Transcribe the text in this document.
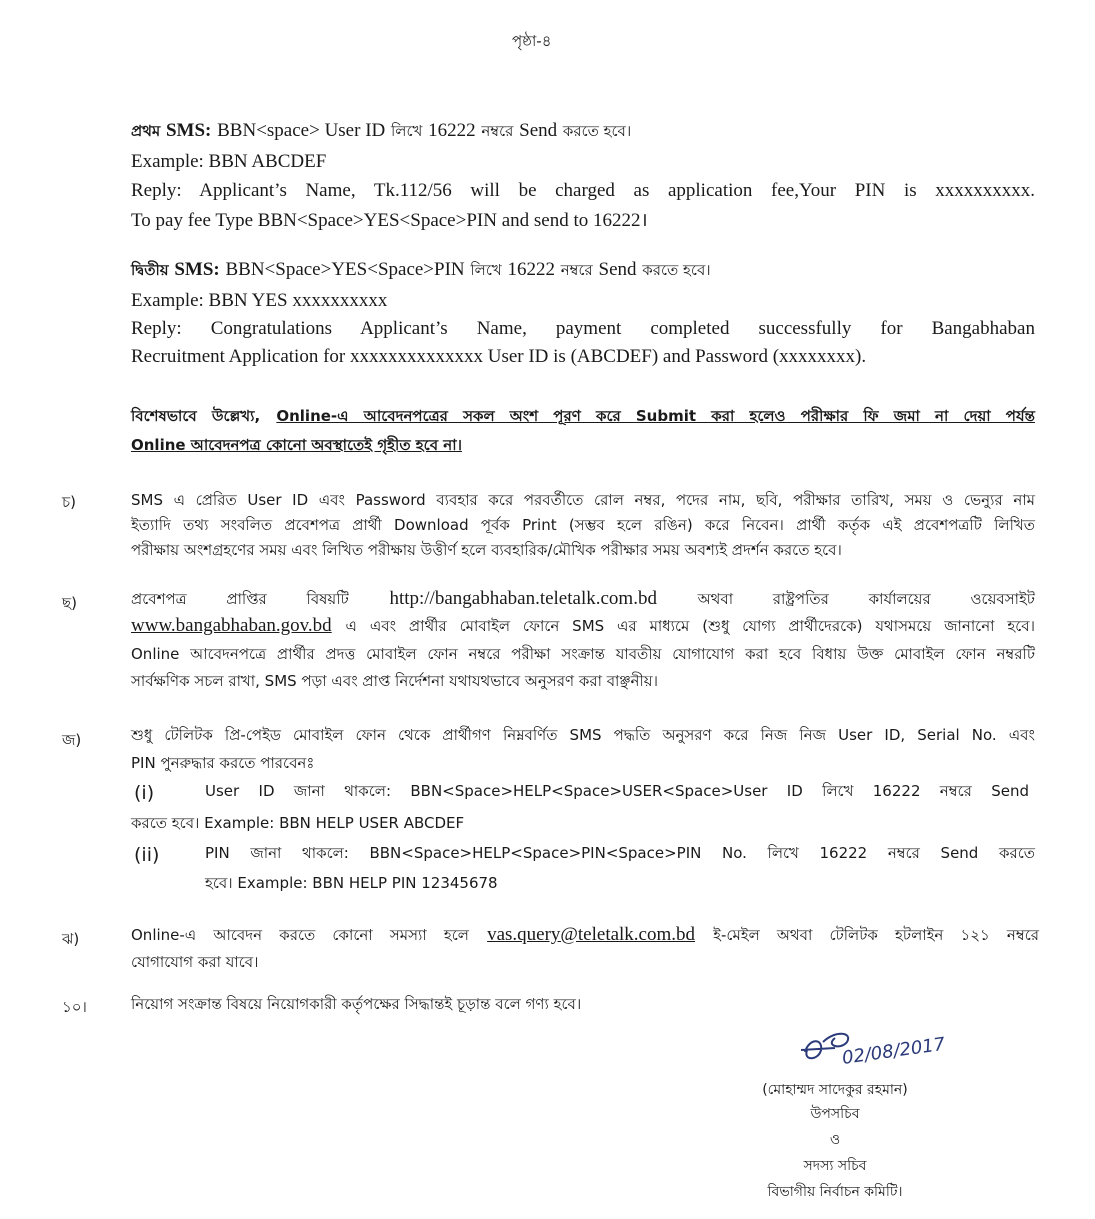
পৃষ্ঠা-৪
প্রথম SMS: BBN<space> User ID লিখে 16222 নম্বরে Send করতে হবে।
Example: BBN ABCDEF
Reply: Applicant’s Name, Tk.112/56 will be charged as application fee,Your PIN is xxxxxxxxxx.
To pay fee Type BBN<Space>YES<Space>PIN and send to 16222।
দ্বিতীয় SMS: BBN<Space>YES<Space>PIN লিখে 16222 নম্বরে Send করতে হবে।
Example: BBN YES xxxxxxxxxx
Reply: Congratulations Applicant’s Name, payment completed successfully for Bangabhaban
Recruitment Application for xxxxxxxxxxxxxx User ID is (ABCDEF) and Password (xxxxxxxx).
বিশেষভাবে উল্লেখ্য, Online-এ আবেদনপত্রের সকল অংশ পূরণ করে Submit করা হলেও পরীক্ষার ফি জমা না দেয়া পর্যন্ত
Online আবেদনপত্র কোনো অবস্থাতেই গৃহীত হবে না।
চ)	SMS এ প্রেরিত User ID এবং Password ব্যবহার করে পরবর্তীতে রোল নম্বর, পদের নাম, ছবি, পরীক্ষার তারিখ, সময় ও ভেন্যুর নাম
ইত্যাদি তথ্য সংবলিত প্রবেশপত্র প্রার্থী Download পূর্বক Print (সম্ভব হলে রঙিন) করে নিবেন। প্রার্থী কর্তৃক এই প্রবেশপত্রটি লিখিত
পরীক্ষায় অংশগ্রহণের সময় এবং লিখিত পরীক্ষায় উত্তীর্ণ হলে ব্যবহারিক/মৌখিক পরীক্ষার সময় অবশ্যই প্রদর্শন করতে হবে।
ছ)	প্রবেশপত্র প্রাপ্তির বিষয়টি http://bangabhaban.teletalk.com.bd	অথবা রাষ্ট্রপতির কার্যালয়ের ওয়েবসাইট
www.bangabhaban.gov.bd এ এবং প্রার্থীর মোবাইল ফোনে SMS এর মাধ্যমে (শুধু যোগ্য প্রার্থীদেরকে) যথাসময়ে জানানো হবে।
Online আবেদনপত্রে প্রার্থীর প্রদত্ত মোবাইল ফোন নম্বরে পরীক্ষা সংক্রান্ত যাবতীয় যোগাযোগ করা হবে বিধায় উক্ত মোবাইল ফোন নম্বরটি
সার্বক্ষণিক সচল রাখা, SMS পড়া এবং প্রাপ্ত নির্দেশনা যথাযথভাবে অনুসরণ করা বাঞ্ছনীয়।
জ)	শুধু টেলিটক প্রি-পেইড মোবাইল ফোন থেকে প্রার্থীগণ নিম্নবর্ণিত SMS পদ্ধতি অনুসরণ করে নিজ নিজ User ID, Serial No. এবং
PIN পুনরুদ্ধার করতে পারবেনঃ
(i)	User ID জানা থাকলে: BBN<Space>HELP<Space>USER<Space>User ID লিখে 16222 নম্বরে Send
করতে হবে। Example: BBN HELP USER ABCDEF
(ii)	PIN জানা থাকলে: BBN<Space>HELP<Space>PIN<Space>PIN No. লিখে 16222 নম্বরে Send করতে
হবে। Example: BBN HELP PIN 12345678
ঝ)	Online-এ আবেদন করতে কোনো সমস্যা হলে vas.query@teletalk.com.bd ই-মেইল অথবা টেলিটক হটলাইন ১২১ নম্বরে
যোগাযোগ করা যাবে।
১০।	নিয়োগ সংক্রান্ত বিষয়ে নিয়োগকারী কর্তৃপক্ষের সিদ্ধান্তই চূড়ান্ত বলে গণ্য হবে।
02/08/2017
(মোহাম্মদ সাদেকুর রহমান)
উপসচিব
ও
সদস্য সচিব
বিভাগীয় নির্বাচন কমিটি।
